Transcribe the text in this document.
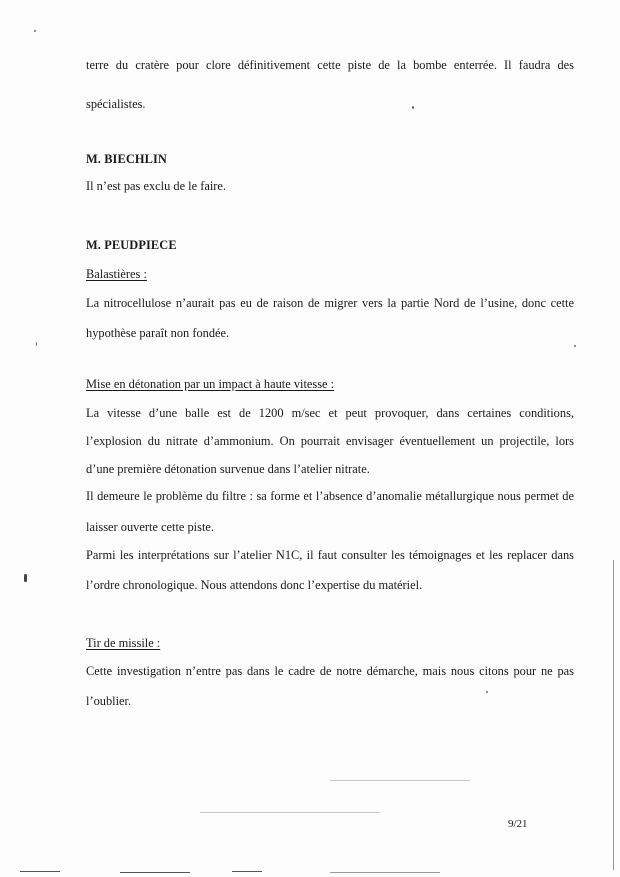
terre du cratère pour clore définitivement cette piste de la bombe enterrée. Il faudra des
spécialistes.
M. BIECHLIN
Il n’est pas exclu de le faire.
M. PEUDPIECE
Balastières :
La nitrocellulose n’aurait pas eu de raison de migrer vers la partie Nord de l’usine, donc cette
hypothèse paraît non fondée.
Mise en détonation par un impact à haute vitesse :
La vitesse d’une balle est de 1200 m/sec et peut provoquer, dans certaines conditions,
l’explosion du nitrate d’ammonium. On pourrait envisager éventuellement un projectile, lors
d’une première détonation survenue dans l’atelier nitrate.
Il demeure le problème du filtre : sa forme et l’absence d’anomalie métallurgique nous permet de
laisser ouverte cette piste.
Parmi les interprétations sur l’atelier N1C, il faut consulter les témoignages et les replacer dans
l’ordre chronologique. Nous attendons donc l’expertise du matériel.
Tir de missile :
Cette investigation n’entre pas dans le cadre de notre démarche, mais nous citons pour ne pas
l’oublier.
9/21
